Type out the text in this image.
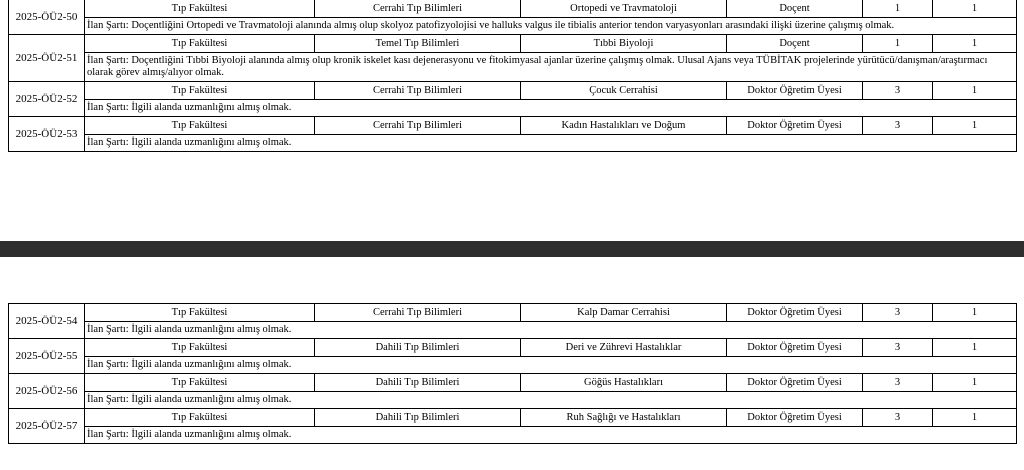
2025-ÖÜ2-50	Tıp Fakültesi	Cerrahi Tıp Bilimleri	Ortopedi ve Travmatoloji	Doçent	1	1
	İlan Şartı: Doçentliğini Ortopedi ve Travmatoloji alanında almış olup skolyoz patofizyolojisi ve halluks valgus ile tibialis anterior tendon varyasyonları arasındaki ilişki üzerine çalışmış olmak.					
2025-ÖÜ2-51	Tıp Fakültesi	Temel Tıp Bilimleri	Tıbbi Biyoloji	Doçent	1	1
	İlan Şartı: Doçentliğini Tıbbi Biyoloji alanında almış olup kronik iskelet kası dejenerasyonu ve fitokimyasal ajanlar üzerine çalışmış olmak. Ulusal Ajans veya TÜBİTAK projelerinde yürütücü/danışman/araştırmacı olarak görev almış/alıyor olmak.					
2025-ÖÜ2-52	Tıp Fakültesi	Cerrahi Tıp Bilimleri	Çocuk Cerrahisi	Doktor Öğretim Üyesi	3	1
	İlan Şartı: İlgili alanda uzmanlığını almış olmak.					
2025-ÖÜ2-53	Tıp Fakültesi	Cerrahi Tıp Bilimleri	Kadın Hastalıkları ve Doğum	Doktor Öğretim Üyesi	3	1
	İlan Şartı: İlgili alanda uzmanlığını almış olmak.					
2025-ÖÜ2-54	Tıp Fakültesi	Cerrahi Tıp Bilimleri	Kalp Damar Cerrahisi	Doktor Öğretim Üyesi	3	1
	İlan Şartı: İlgili alanda uzmanlığını almış olmak.					
2025-ÖÜ2-55	Tıp Fakültesi	Dahili Tıp Bilimleri	Deri ve Zührevi Hastalıklar	Doktor Öğretim Üyesi	3	1
	İlan Şartı: İlgili alanda uzmanlığını almış olmak.					
2025-ÖÜ2-56	Tıp Fakültesi	Dahili Tıp Bilimleri	Göğüs Hastalıkları	Doktor Öğretim Üyesi	3	1
	İlan Şartı: İlgili alanda uzmanlığını almış olmak.					
2025-ÖÜ2-57	Tıp Fakültesi	Dahili Tıp Bilimleri	Ruh Sağlığı ve Hastalıkları	Doktor Öğretim Üyesi	3	1
	İlan Şartı: İlgili alanda uzmanlığını almış olmak.					
